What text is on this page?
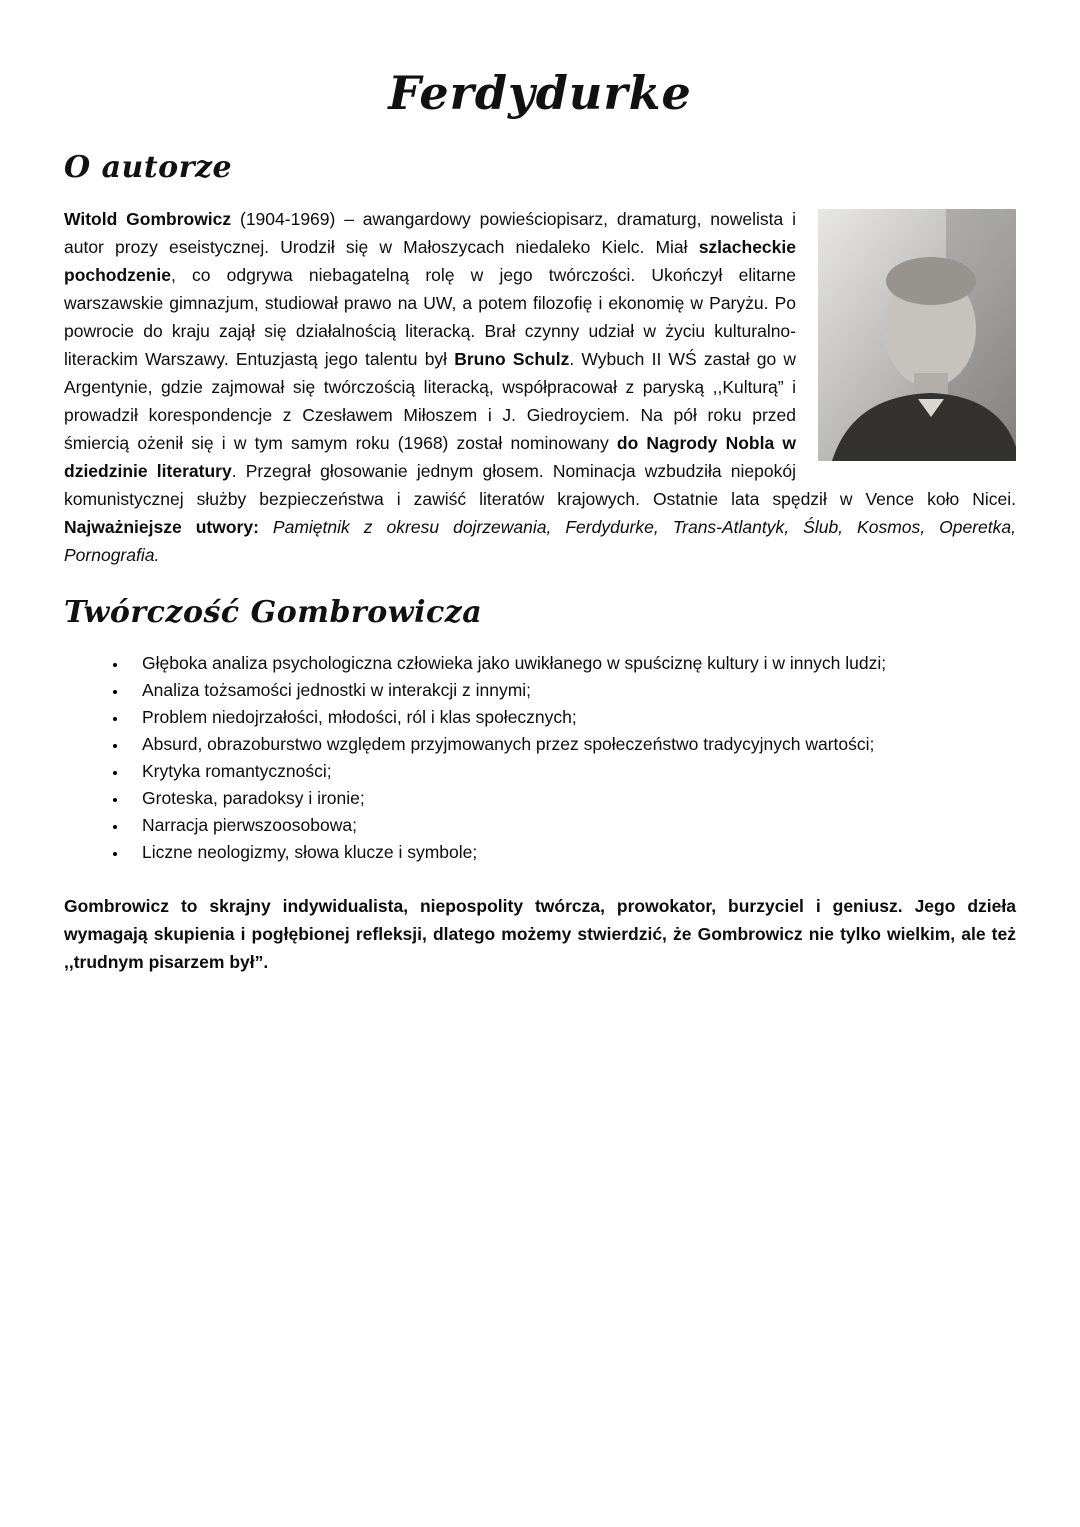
Ferdydurke
O autorze

Witold Gombrowicz (1904-1969) – awangardowy powieściopisarz, dramaturg, nowelista i autor prozy eseistycznej. Urodził się w Małoszycach niedaleko Kielc. Miał szlacheckie pochodzenie, co odgrywa niebagatelną rolę w jego twórczości. Ukończył elitarne warszawskie gimnazjum, studiował prawo na UW, a potem filozofię i ekonomię w Paryżu. Po powrocie do kraju zajął się działalnością literacką. Brał czynny udział w życiu kulturalno-literackim Warszawy. Entuzjastą jego talentu był Bruno Schulz. Wybuch II WŚ zastał go w Argentynie, gdzie zajmował się twórczością literacką, współpracował z paryską ,,Kulturą” i prowadził korespondencje z Czesławem Miłoszem i J. Giedroyciem. Na pół roku przed śmiercią ożenił się i w tym samym roku (1968) został nominowany do Nagrody Nobla w dziedzinie literatury. Przegrał głosowanie jednym głosem. Nominacja wzbudziła niepokój komunistycznej służby bezpieczeństwa i zawiść literatów krajowych. Ostatnie lata spędził w Vence koło Nicei. Najważniejsze utwory: Pamiętnik z okresu dojrzewania, Ferdydurke, Trans-Atlantyk, Ślub, Kosmos, Operetka, Pornografia.

Twórczość Gombrowicza
• Głęboka analiza psychologiczna człowieka jako uwikłanego w spuściznę kultury i w innych ludzi;
• Analiza tożsamości jednostki w interakcji z innymi;
• Problem niedojrzałości, młodości, ról i klas społecznych;
• Absurd, obrazoburstwo względem przyjmowanych przez społeczeństwo tradycyjnych wartości;
• Krytyka romantyczności;
• Groteska, paradoksy i ironie;
• Narracja pierwszoosobowa;
• Liczne neologizmy, słowa klucze i symbole;

Gombrowicz to skrajny indywidualista, niepospolity twórcza, prowokator, burzyciel i geniusz. Jego dzieła wymagają skupienia i pogłębionej refleksji, dlatego możemy stwierdzić, że Gombrowicz nie tylko wielkim, ale też ,,trudnym pisarzem był”.
